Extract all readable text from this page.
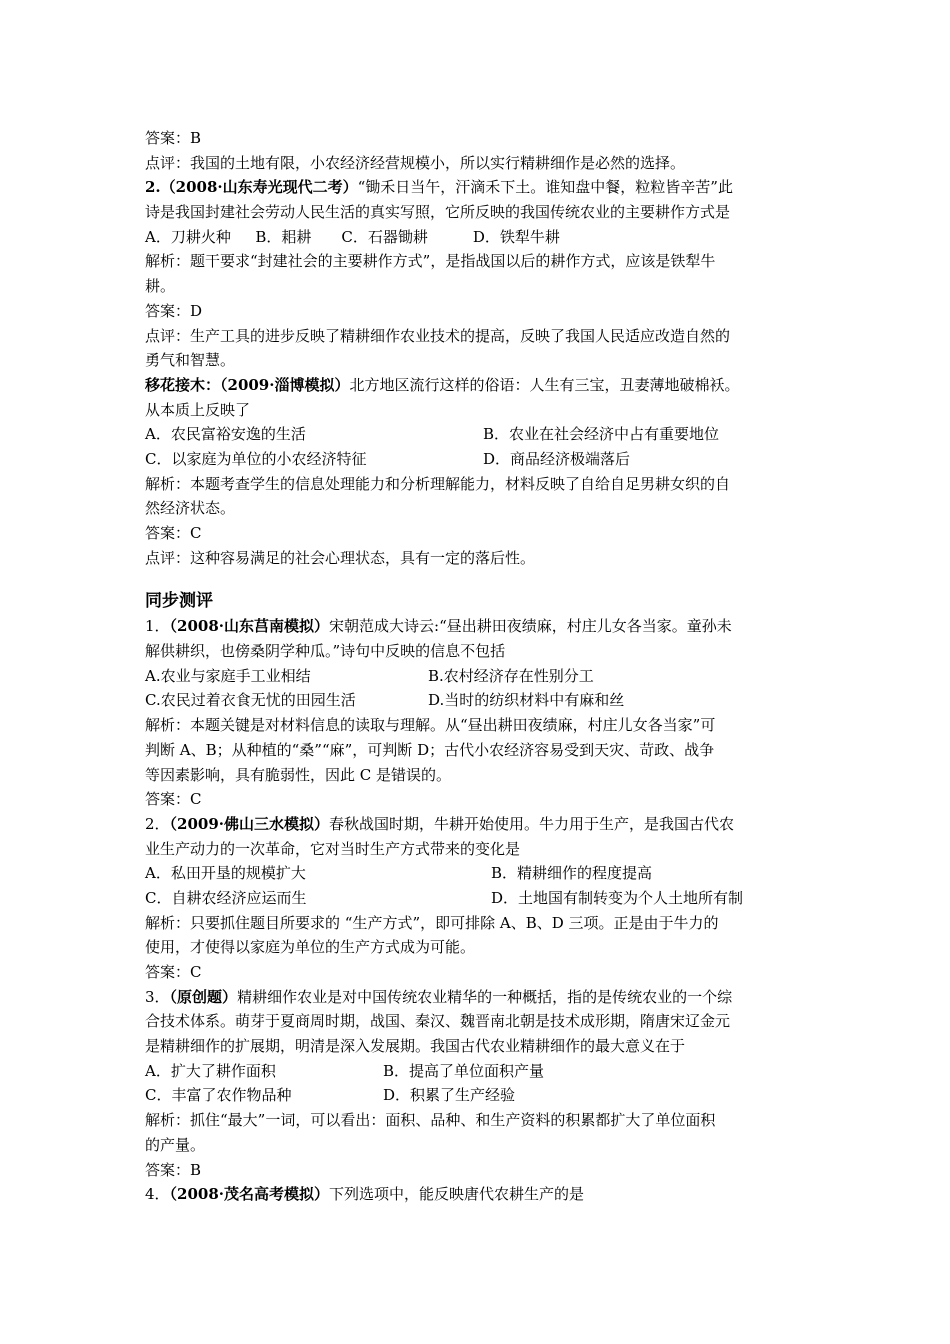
答案：B
点评：我国的土地有限，小农经济经营规模小，所以实行精耕细作是必然的选择。
2.（2008·山东寿光现代二考）“锄禾日当午，汗滴禾下土。谁知盘中餐，粒粒皆辛苦”此
诗是我国封建社会劳动人民生活的真实写照，它所反映的我国传统农业的主要耕作方式是
A．刀耕火种　  B．耜耕　　C．石器锄耕　　　D．铁犁牛耕
解析：题干要求“封建社会的主要耕作方式”，是指战国以后的耕作方式，应该是铁犁牛
耕。
答案：D
点评：生产工具的进步反映了精耕细作农业技术的提高，反映了我国人民适应改造自然的
勇气和智慧。
移花接木：（2009·淄博模拟）北方地区流行这样的俗语：人生有三宝，丑妻薄地破棉袄。
从本质上反映了
A．农民富裕安逸的生活	B．农业在社会经济中占有重要地位
C．以家庭为单位的小农经济特征	D．商品经济极端落后
解析：本题考查学生的信息处理能力和分析理解能力，材料反映了自给自足男耕女织的自
然经济状态。
答案：C
点评：这种容易满足的社会心理状态，具有一定的落后性。
同步测评
1．（2008·山东莒南模拟）宋朝范成大诗云:“昼出耕田夜绩麻，村庄儿女各当家。童孙未
解供耕织，也傍桑阴学种瓜。”诗句中反映的信息不包括
A.农业与家庭手工业相结	B.农村经济存在性别分工
C.农民过着衣食无忧的田园生活	D.当时的纺织材料中有麻和丝
解析：本题关键是对材料信息的读取与理解。从“昼出耕田夜绩麻，村庄儿女各当家”可
判断 A、B；从种植的“桑”“麻”，可判断 D；古代小农经济容易受到天灾、苛政、战争
等因素影响，具有脆弱性，因此 C 是错误的。
答案：C
2．（2009·佛山三水模拟）春秋战国时期，牛耕开始使用。牛力用于生产，是我国古代农
业生产动力的一次革命，它对当时生产方式带来的变化是
A．私田开垦的规模扩大	B．精耕细作的程度提高
C．自耕农经济应运而生	D．土地国有制转变为个人土地所有制
解析：只要抓住题目所要求的 “生产方式”，即可排除 A、B、D 三项。正是由于牛力的
使用，才使得以家庭为单位的生产方式成为可能。
答案：C
3．（原创题）精耕细作农业是对中国传统农业精华的一种概括，指的是传统农业的一个综
合技术体系。萌芽于夏商周时期，战国、秦汉、魏晋南北朝是技术成形期，隋唐宋辽金元
是精耕细作的扩展期，明清是深入发展期。我国古代农业精耕细作的最大意义在于
A．扩大了耕作面积	B．提高了单位面积产量
C．丰富了农作物品种	D．积累了生产经验
解析：抓住“最大”一词，可以看出：面积、品种、和生产资料的积累都扩大了单位面积
的产量。
答案：B
4．（2008·茂名高考模拟）下列选项中，能反映唐代农耕生产的是
